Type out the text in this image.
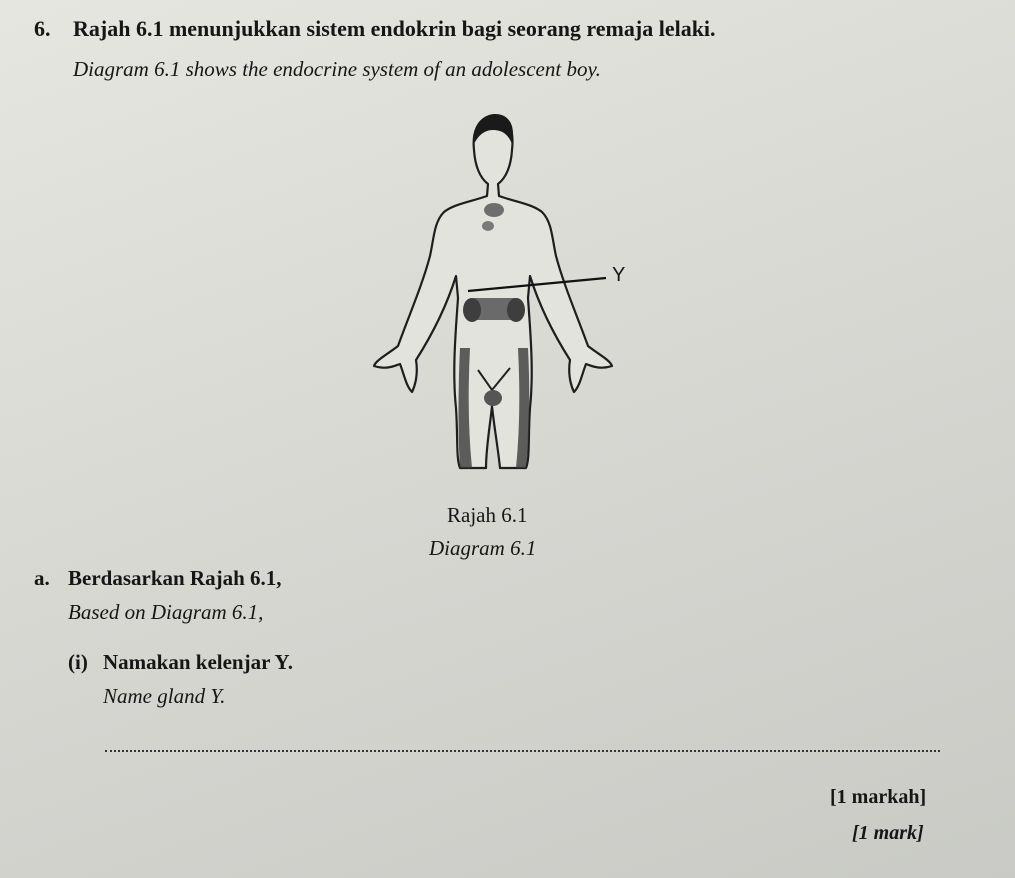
6. Rajah 6.1 menunjukkan sistem endokrin bagi seorang remaja lelaki.
Diagram 6.1 shows the endocrine system of an adolescent boy.
Y
Rajah 6.1
Diagram 6.1
a. Berdasarkan Rajah 6.1,
Based on Diagram 6.1,
(i) Namakan kelenjar Y.
Name gland Y.
[1 markah]
[1 mark]
